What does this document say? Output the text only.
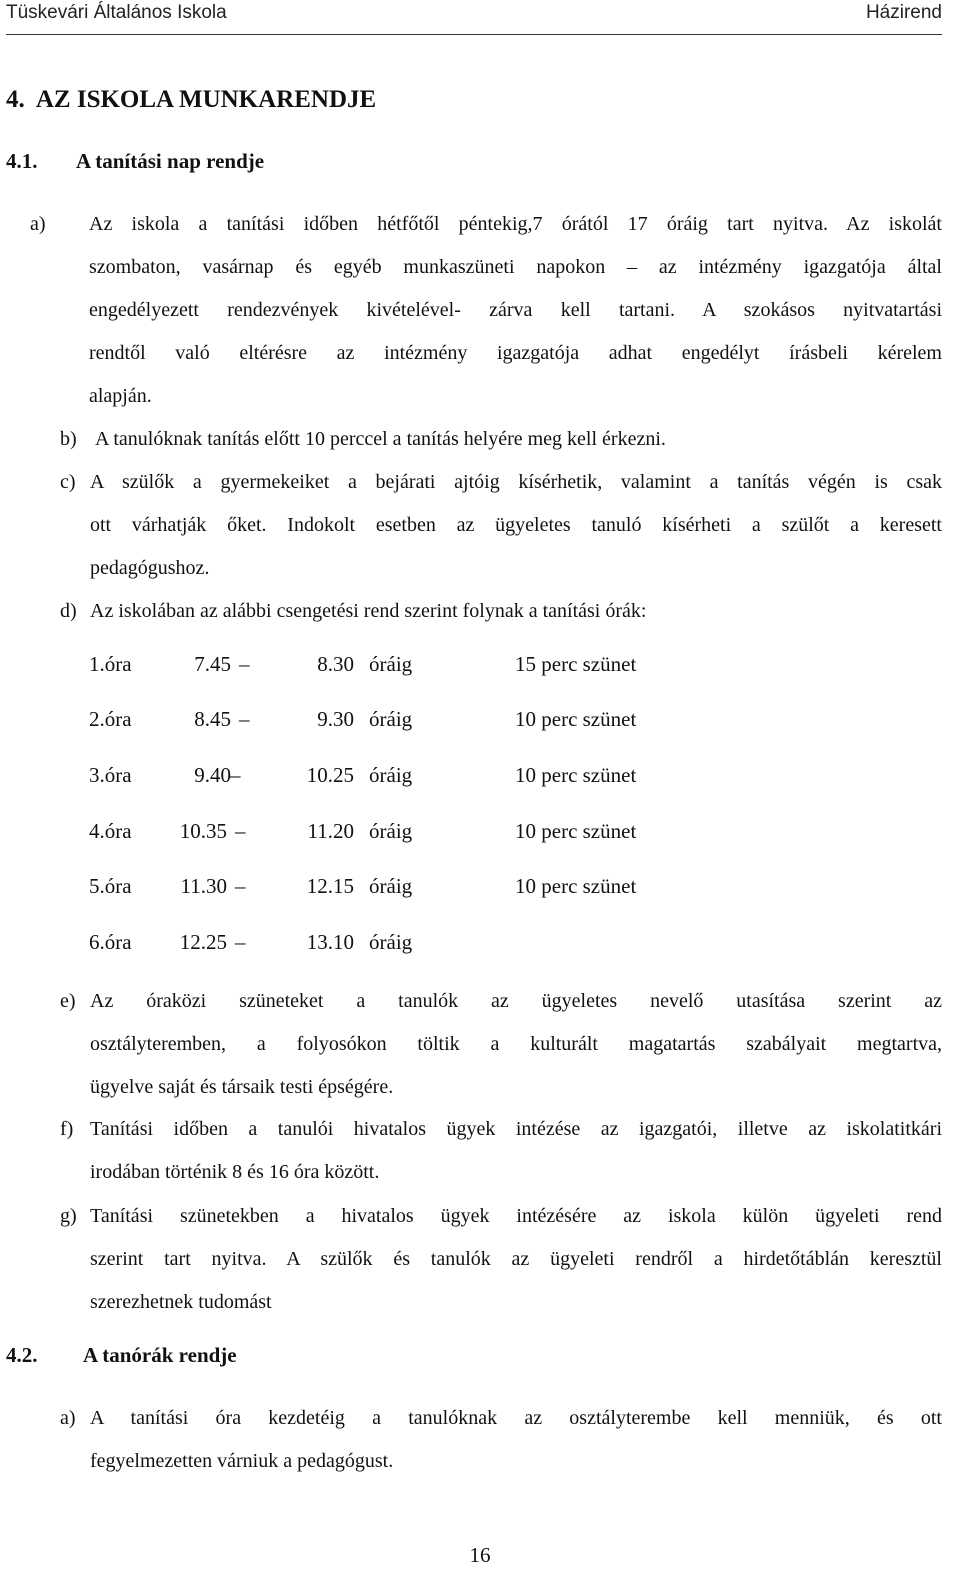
Tüskevári Általános Iskola	Házirend
4. AZ ISKOLA MUNKARENDJE
4.1. A tanítási nap rendje
a) Az iskola a tanítási időben hétfőtől péntekig,7 órától 17 óráig tart nyitva. Az iskolát
szombaton, vasárnap és egyéb munkaszüneti napokon – az intézmény igazgatója által
engedélyezett rendezvények kivételével- zárva kell tartani. A szokásos nyitvatartási
rendtől való eltérésre az intézmény igazgatója adhat engedélyt írásbeli kérelem
alapján.
b) A tanulóknak tanítás előtt 10 perccel a tanítás helyére meg kell érkezni.
c) A szülők a gyermekeiket a bejárati ajtóig kísérhetik, valamint a tanítás végén is csak
ott várhatják őket. Indokolt esetben az ügyeletes tanuló kísérheti a szülőt a keresett
pedagógushoz.
d) Az iskolában az alábbi csengetési rend szerint folynak a tanítási órák:
1.óra	7.45 –	8.30 óráig	15 perc szünet
2.óra	8.45 –	9.30 óráig	10 perc szünet
3.óra	9.40 –	10.25 óráig	10 perc szünet
4.óra	10.35 –	11.20 óráig	10 perc szünet
5.óra	11.30 –	12.15 óráig	10 perc szünet
6.óra	12.25 –	13.10 óráig
e) Az óraközi szüneteket a tanulók az ügyeletes nevelő utasítása szerint az
osztályteremben, a folyosókon töltik a kulturált magatartás szabályait megtartva,
ügyelve saját és társaik testi épségére.
f) Tanítási időben a tanulói hivatalos ügyek intézése az igazgatói, illetve az iskolatitkári
irodában történik 8 és 16 óra között.
g) Tanítási szünetekben a hivatalos ügyek intézésére az iskola külön ügyeleti rend
szerint tart nyitva. A szülők és tanulók az ügyeleti rendről a hirdetőtáblán keresztül
szerezhetnek tudomást
4.2. A tanórák rendje
a) A tanítási óra kezdetéig a tanulóknak az osztályterembe kell menniük, és ott
fegyelmezetten várniuk a pedagógust.
16
